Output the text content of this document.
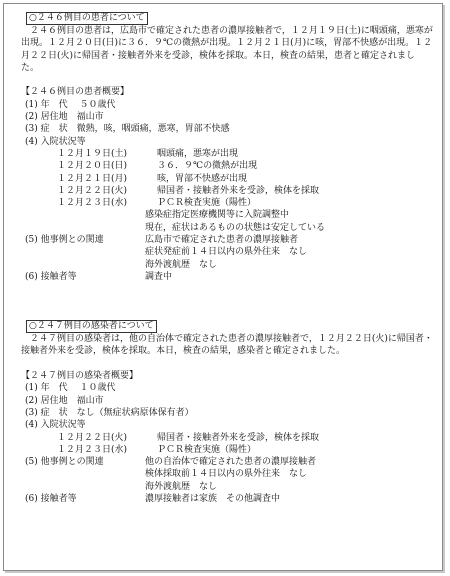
○２４６例目の患者について

２４６例目の患者は，広島市で確定された患者の濃厚接触者で，１２月１９日(土)に咽頭痛，悪寒が出現。１２月２０日(日)に３６．９℃の微熱が出現。１２月２１日(月)に咳，胃部不快感が出現。１２月２２日(火)に帰国者・接触者外来を受診，検体を採取。本日，検査の結果，患者と確定されました。

【２４６例目の患者概要】
(1) 年　代　 ５０歳代
(2) 居住地　福山市
(3) 症　状　微熱，咳，咽頭痛，悪寒，胃部不快感
(4) 入院状況等
１２月１９日(土)	咽頭痛，悪寒が出現
１２月２０日(日)	３６．９℃の微熱が出現
１２月２１日(月)	咳，胃部不快感が出現
１２月２２日(火)	帰国者・接触者外来を受診，検体を採取
１２月２３日(水)	ＰＣＲ検査実施（陽性）
感染症指定医療機関等に入院調整中
現在，症状はあるものの状態は安定している
(5) 他事例との関連	広島市で確定された患者の濃厚接触者
症状発症前１４日以内の県外往来　なし
海外渡航歴　なし
(6) 接触者等	調査中
○２４７例目の感染者について

２４７例目の感染者は，他の自治体で確定された患者の濃厚接触者で，１２月２２日(火)に帰国者・接触者外来を受診，検体を採取。本日，検査の結果，感染者と確定されました。

【２４７例目の感染者概要】
(1) 年　代　 １０歳代
(2) 居住地　福山市
(3) 症　状　なし（無症状病原体保有者）
(4) 入院状況等
１２月２２日(火)	帰国者・接触者外来を受診，検体を採取
１２月２３日(水)	ＰＣＲ検査実施（陽性）
(5) 他事例との関連	他の自治体で確定された患者の濃厚接触者
検体採取前１４日以内の県外往来　なし
海外渡航歴　なし
(6) 接触者等	濃厚接触者は家族　その他調査中
